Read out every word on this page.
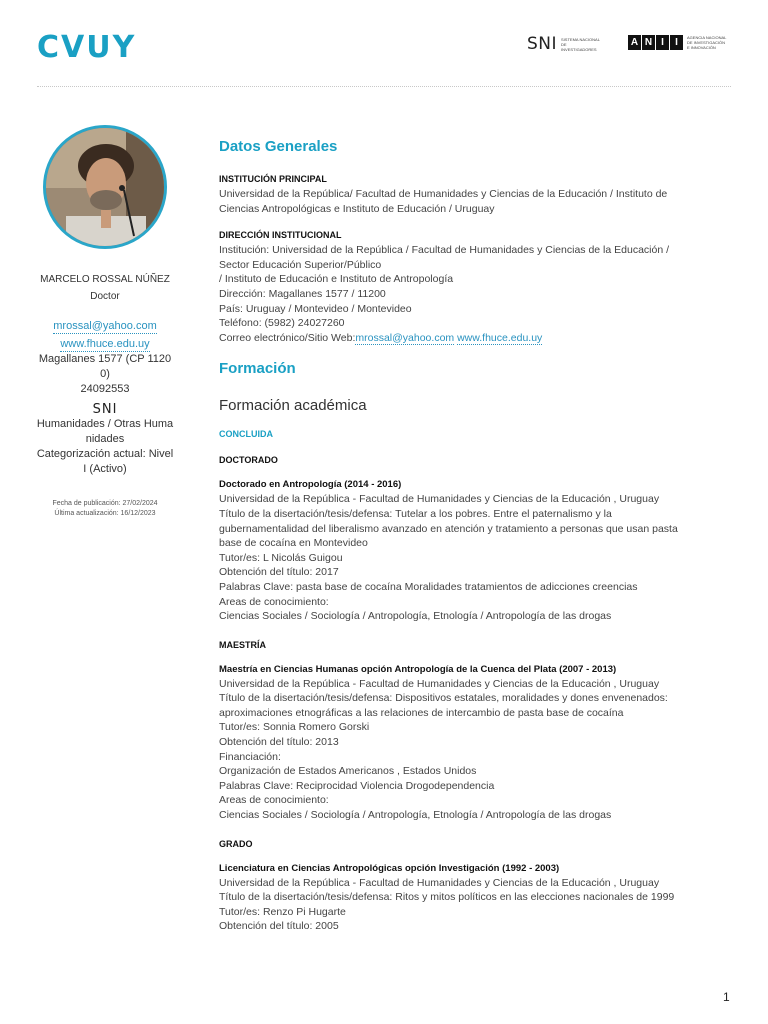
CVUY	SNI SISTEMA NACIONAL DE INVESTIGADORES
A N I	I	AGENCIA NACIONAL DE INVESTIGACIÓN E INNOVACIÓN
MARCELO ROSSAL NÚÑEZ
Doctor
mrossal@yahoo.com
www.fhuce.edu.uy
Magallanes 1577 (CP 1120
0)
24092553
SNI
Humanidades / Otras Huma
nidades
Categorización actual: Nivel
I (Activo)
Fecha de publicación: 27/02/2024
Última actualización: 16/12/2023
Datos Generales
INSTITUCIÓN PRINCIPAL
Universidad de la República/ Facultad de Humanidades y Ciencias de la Educación / Instituto de
Ciencias Antropológicas e Instituto de Educación / Uruguay
DIRECCIÓN INSTITUCIONAL
Institución: Universidad de la República / Facultad de Humanidades y Ciencias de la Educación /
Sector Educación Superior/Público
/ Instituto de Educación e Instituto de Antropología
Dirección: Magallanes 1577 / 11200
País: Uruguay / Montevideo / Montevideo
Teléfono: (5982) 24027260
Correo electrónico/Sitio Web:mrossal@yahoo.com www.fhuce.edu.uy
Formación
Formación académica
CONCLUIDA
DOCTORADO
Doctorado en Antropología (2014 - 2016)
Universidad de la República - Facultad de Humanidades y Ciencias de la Educación , Uruguay
Título de la disertación/tesis/defensa: Tutelar a los pobres. Entre el paternalismo y la
gubernamentalidad del liberalismo avanzado en atención y tratamiento a personas que usan pasta
base de cocaína en Montevideo
Tutor/es: L Nicolás Guigou
Obtención del título: 2017
Palabras Clave: pasta base de cocaína Moralidades tratamientos de adicciones creencias
Areas de conocimiento:
Ciencias Sociales / Sociología / Antropología, Etnología / Antropología de las drogas
MAESTRÍA
Maestría en Ciencias Humanas opción Antropología de la Cuenca del Plata (2007 - 2013)
Universidad de la República - Facultad de Humanidades y Ciencias de la Educación , Uruguay
Título de la disertación/tesis/defensa: Dispositivos estatales, moralidades y dones envenenados:
aproximaciones etnográficas a las relaciones de intercambio de pasta base de cocaína
Tutor/es: Sonnia Romero Gorski
Obtención del título: 2013
Financiación:
Organización de Estados Americanos , Estados Unidos
Palabras Clave: Reciprocidad Violencia Drogodependencia
Areas de conocimiento:
Ciencias Sociales / Sociología / Antropología, Etnología / Antropología de las drogas
GRADO
Licenciatura en Ciencias Antropológicas opción Investigación (1992 - 2003)
Universidad de la República - Facultad de Humanidades y Ciencias de la Educación , Uruguay
Título de la disertación/tesis/defensa: Ritos y mitos políticos en las elecciones nacionales de 1999
Tutor/es: Renzo Pi Hugarte
Obtención del título: 2005
1
